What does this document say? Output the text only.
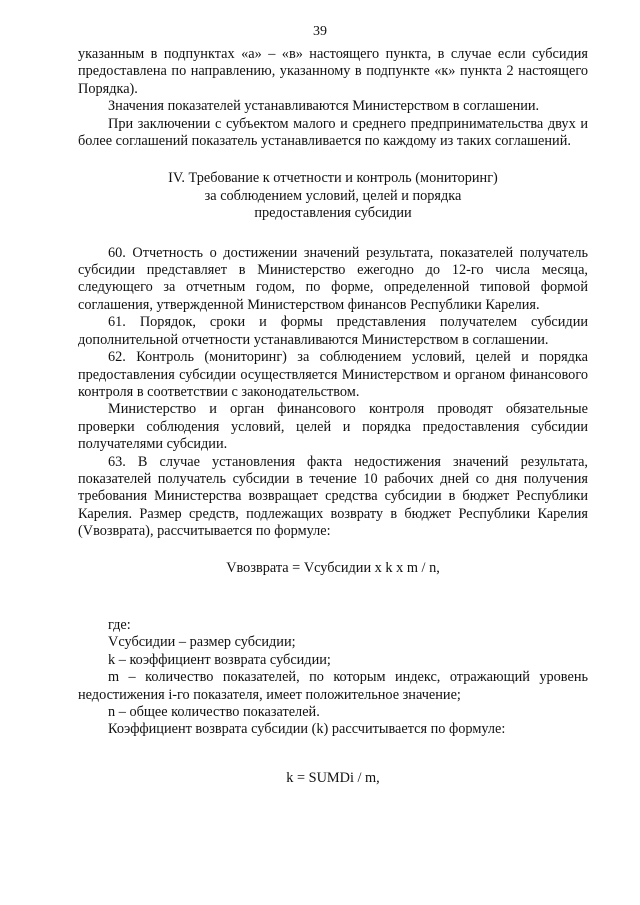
39

указанным в подпунктах «а» – «в» настоящего пункта, в случае если субсидия предоставлена по направлению, указанному в подпункте «к» пункта 2 настоящего Порядка).

Значения показателей устанавливаются Министерством в соглашении.

При заключении с субъектом малого и среднего предпринимательства двух и более соглашений показатель устанавливается по каждому из таких соглашений.

IV. Требование к отчетности и контроль (мониторинг)
за соблюдением условий, целей и порядка
предоставления субсидии

60. Отчетность о достижении значений результата, показателей получатель субсидии представляет в Министерство ежегодно до 12-го числа месяца, следующего за отчетным годом, по форме, определенной типовой формой соглашения, утвержденной Министерством финансов Республики Карелия.

61. Порядок, сроки и формы представления получателем субсидии дополнительной отчетности устанавливаются Министерством в соглашении.

62. Контроль (мониторинг) за соблюдением условий, целей и порядка предоставления субсидии осуществляется Министерством и органом финансового контроля в соответствии с законодательством.

Министерство и орган финансового контроля проводят обязательные проверки соблюдения условий, целей и порядка предоставления субсидии получателями субсидии.

63. В случае установления факта недостижения значений результата, показателей получатель субсидии в течение 10 рабочих дней со дня получения требования Министерства возвращает средства субсидии в бюджет Республики Карелия. Размер средств, подлежащих возврату в бюджет Республики Карелия (Vвозврата), рассчитывается по формуле:

Vвозврата = Vсубсидии x k x m / n,

где:

Vсубсидии – размер субсидии;

k – коэффициент возврата субсидии;

m – количество показателей, по которым индекс, отражающий уровень недостижения i-го показателя, имеет положительное значение;

n – общее количество показателей.

Коэффициент возврата субсидии (k) рассчитывается по формуле:

k = SUMDi / m,
